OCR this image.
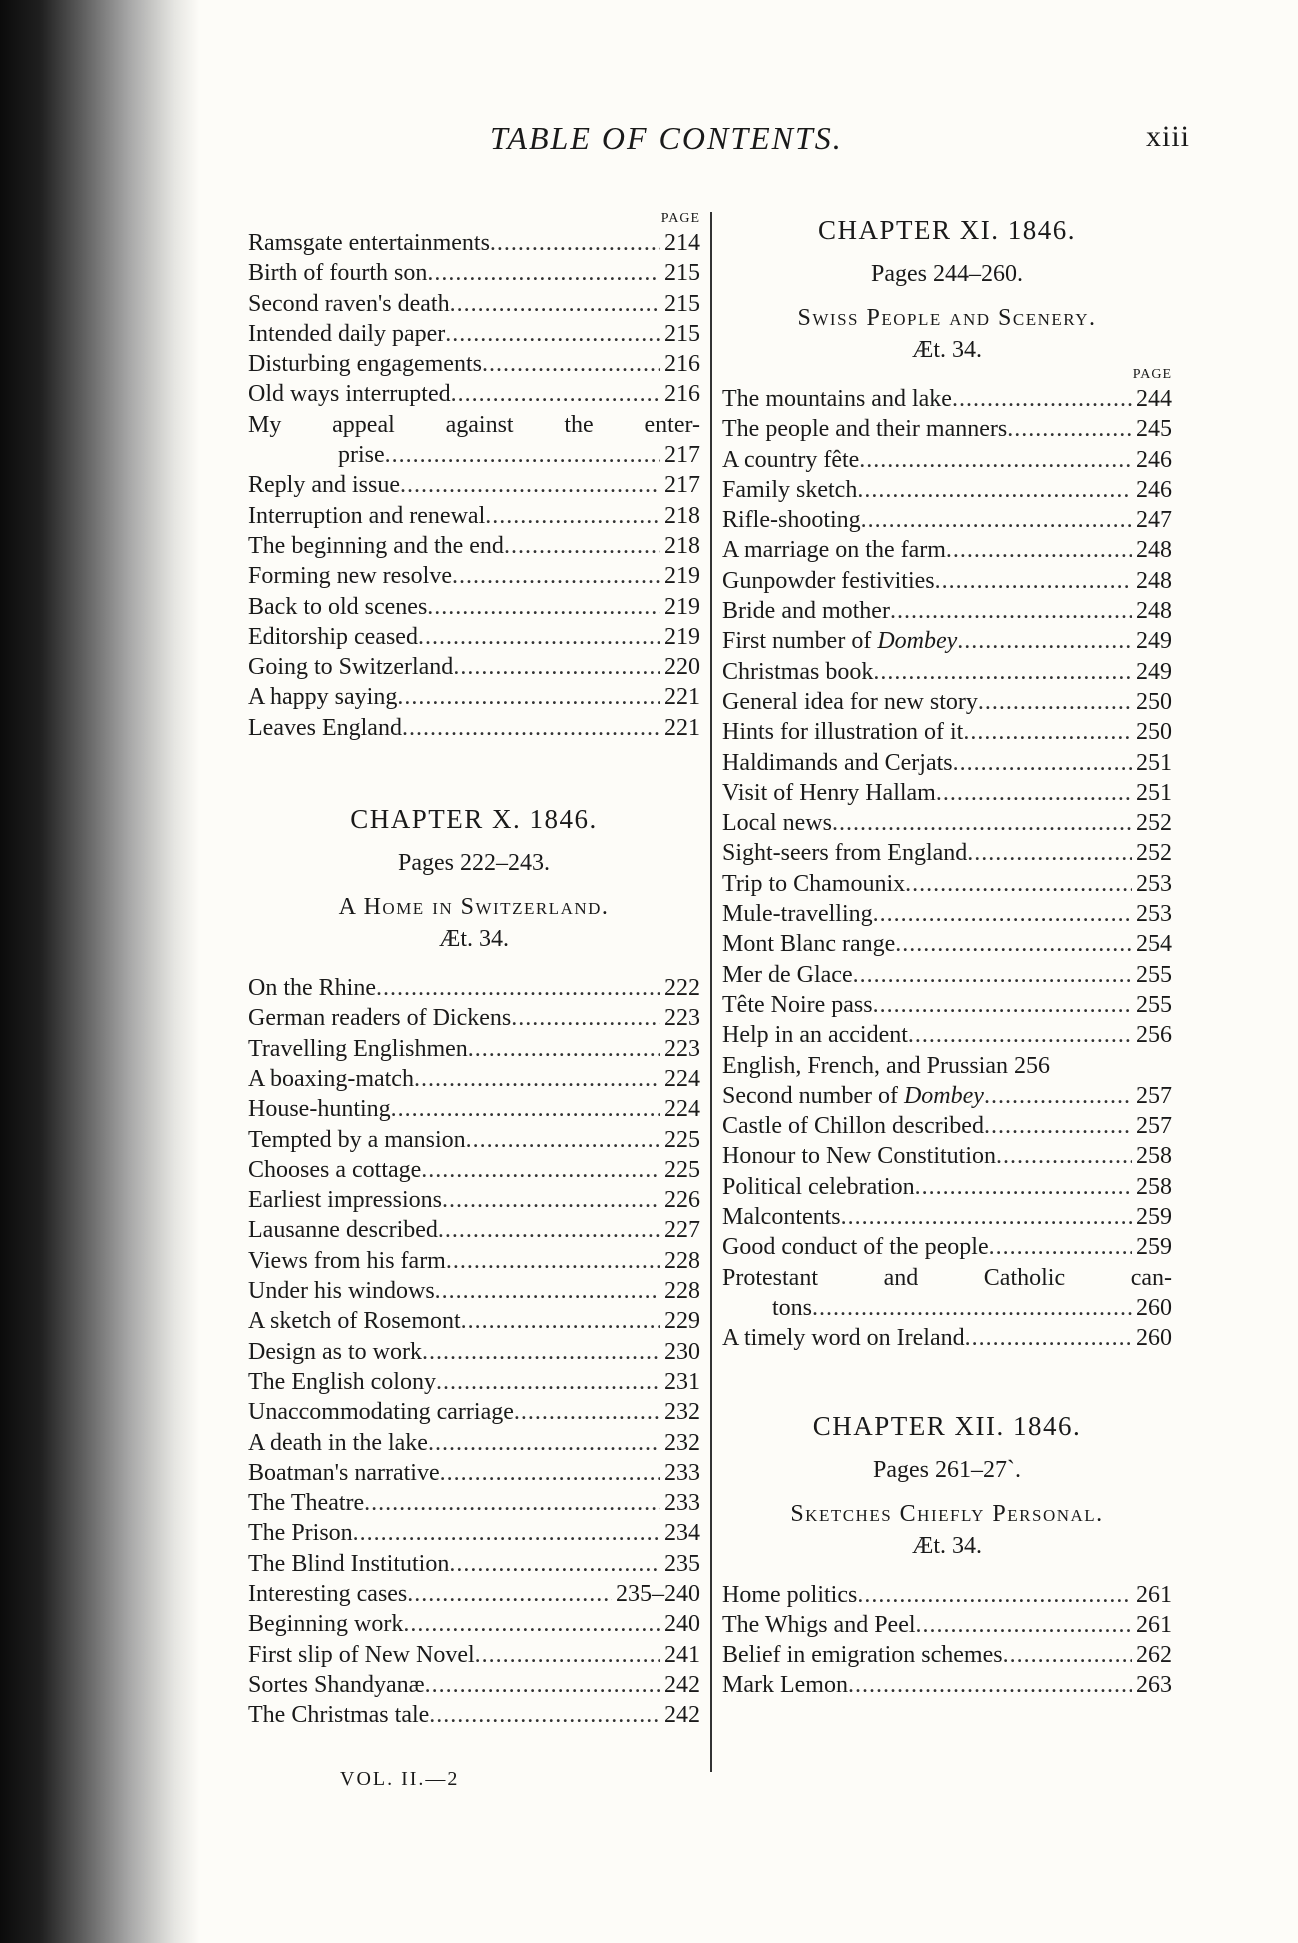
TABLE OF CONTENTS.	xiii
PAGE
Ramsgate entertainments .....	214
Birth of fourth son .....	215
Second raven's death .....	215
Intended daily paper .....	215
Disturbing engagements .....	216
Old ways interrupted .....	216
My appeal against the enter-
prise .....	217
Reply and issue .....	217
Interruption and renewal .....	218
The beginning and the end .....	218
Forming new resolve .....	219
Back to old scenes .....	219
Editorship ceased .....	219
Going to Switzerland .....	220
A happy saying .....	221
Leaves England .....	221
CHAPTER X. 1846.
Pages 222–243.
A Home in Switzerland.
Æt. 34.
On the Rhine .....	222
German readers of Dickens .....	223
Travelling Englishmen .....	223
A boaxing-match .....	224
House-hunting .....	224
Tempted by a mansion .....	225
Chooses a cottage .....	225
Earliest impressions .....	226
Lausanne described .....	227
Views from his farm .....	228
Under his windows .....	228
A sketch of Rosemont .....	229
Design as to work .....	230
The English colony .....	231
Unaccommodating carriage .....	232
A death in the lake .....	232
Boatman's narrative .....	233
The Theatre .....	233
The Prison .....	234
The Blind Institution .....	235
Interesting cases .....	235–240
Beginning work .....	240
First slip of New Novel .....	241
Sortes Shandyanæ .....	242
The Christmas tale .....	242
VOL. II.—2
CHAPTER XI. 1846.
Pages 244–260.
Swiss People and Scenery.
Æt. 34.
PAGE
The mountains and lake .....	244
The people and their manners .....	245
A country fête .....	246
Family sketch .....	246
Rifle-shooting .....	247
A marriage on the farm .....	248
Gunpowder festivities .....	248
Bride and mother .....	248
First number of Dombey .....	249
Christmas book .....	249
General idea for new story .....	250
Hints for illustration of it .....	250
Haldimands and Cerjats .....	251
Visit of Henry Hallam .....	251
Local news .....	252
Sight-seers from England .....	252
Trip to Chamounix .....	253
Mule-travelling .....	253
Mont Blanc range .....	254
Mer de Glace .....	255
Tête Noire pass .....	255
Help in an accident .....	256
English, French, and Prussian 256
Second number of Dombey .....	257
Castle of Chillon described .....	257
Honour to New Constitution .....	258
Political celebration .....	258
Malcontents .....	259
Good conduct of the people .....	259
Protestant and Catholic can-
tons .....	260
A timely word on Ireland .....	260
CHAPTER XII. 1846.
Pages 261–27`.
Sketches Chiefly Personal.
Æt. 34.
Home politics .....	261
The Whigs and Peel .....	261
Belief in emigration schemes .....	262
Mark Lemon .....	263
